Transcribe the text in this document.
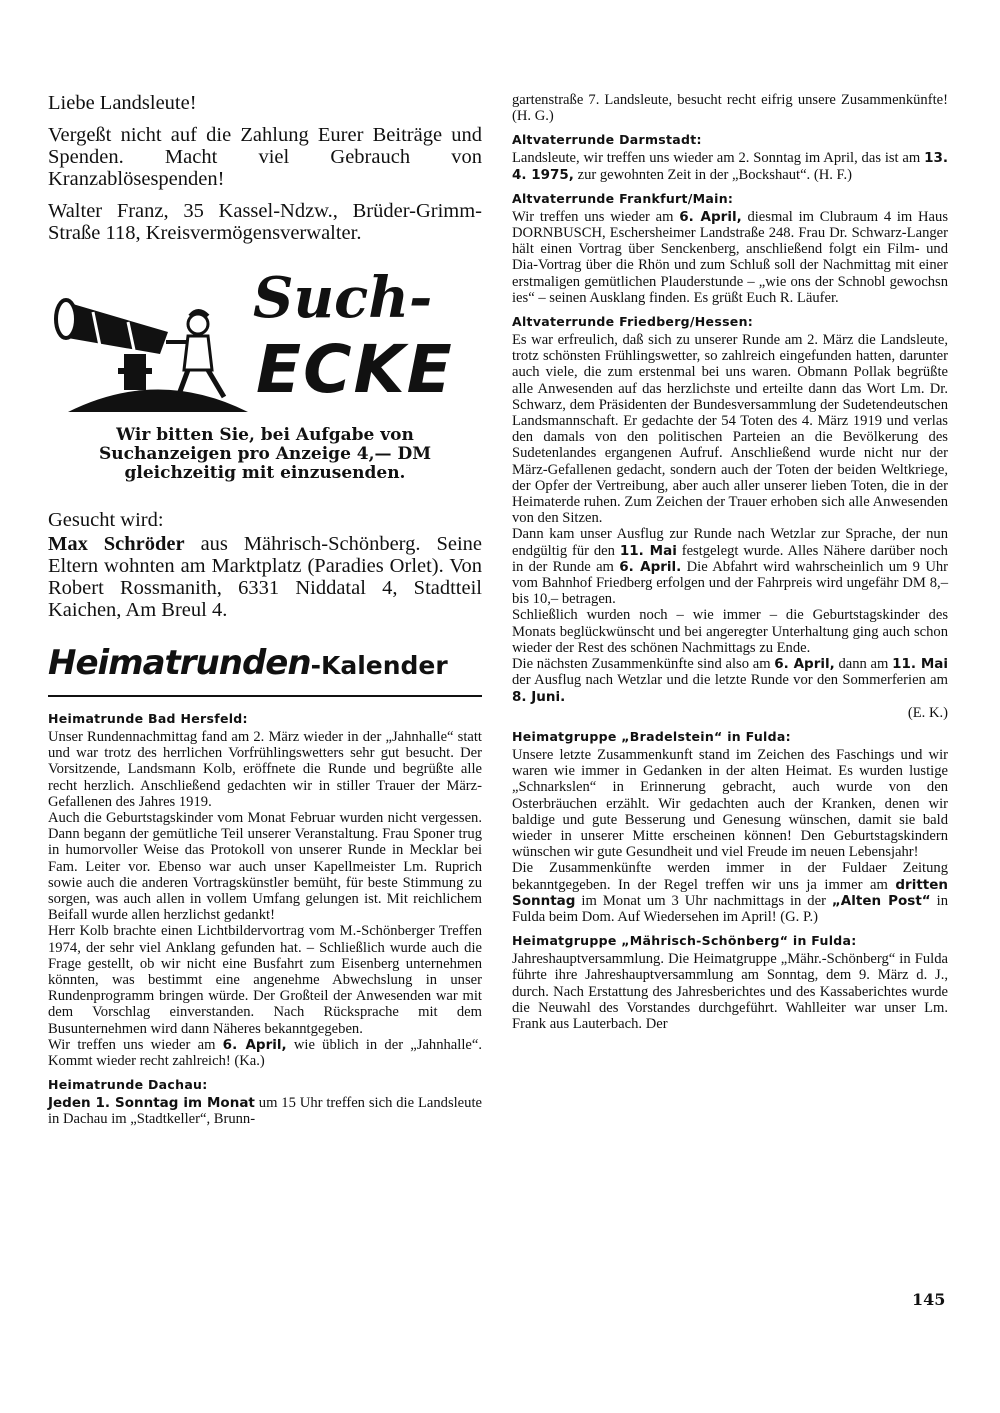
Liebe Landsleute!

Vergeßt nicht auf die Zahlung Eurer Beiträge und Spenden. Macht viel Gebrauch von Kranzablösespenden!

Walter Franz, 35 Kassel-Ndzw., Brüder-Grimm-Straße 118, Kreisvermögensverwalter.

Such-
ECKE

Wir bitten Sie, bei Aufgabe von Suchanzeigen pro Anzeige 4,— DM gleichzeitig mit einzusenden.

Gesucht wird:

Max Schröder aus Mährisch-Schönberg. Seine Eltern wohnten am Marktplatz (Paradies Orlet). Von Robert Rossmanith, 6331 Niddatal 4, Stadtteil Kaichen, Am Breul 4.

Heimatrunden-Kalender

Heimatrunde Bad Hersfeld:

Unser Rundennachmittag fand am 2. März wieder in der „Jahnhalle“ statt und war trotz des herrlichen Vorfrühlingswetters sehr gut besucht. Der Vorsitzende, Landsmann Kolb, eröffnete die Runde und begrüßte alle recht herzlich. Anschließend gedachten wir in stiller Trauer der März-Gefallenen des Jahres 1919.

Auch die Geburtstagskinder vom Monat Februar wurden nicht vergessen. Dann begann der gemütliche Teil unserer Veranstaltung. Frau Sponer trug in humorvoller Weise das Protokoll von unserer Runde in Mecklar bei Fam. Leiter vor. Ebenso war auch unser Kapellmeister Lm. Ruprich sowie auch die anderen Vortragskünstler bemüht, für beste Stimmung zu sorgen, was auch allen in vollem Umfang gelungen ist. Mit reichlichem Beifall wurde allen herzlichst gedankt!

Herr Kolb brachte einen Lichtbildervortrag vom M.-Schönberger Treffen 1974, der sehr viel Anklang gefunden hat. – Schließlich wurde auch die Frage gestellt, ob wir nicht eine Busfahrt zum Eisenberg unternehmen könnten, was bestimmt eine angenehme Abwechslung in unser Rundenprogramm bringen würde. Der Großteil der Anwesenden war mit dem Vorschlag einverstanden. Nach Rücksprache mit dem Busunternehmen wird dann Näheres bekanntgegeben.

Wir treffen uns wieder am 6. April, wie üblich in der „Jahnhalle“. Kommt wieder recht zahlreich! (Ka.)

Heimatrunde Dachau:

Jeden 1. Sonntag im Monat um 15 Uhr treffen sich die Landsleute in Dachau im „Stadtkeller“, Brunn-

gartenstraße 7. Landsleute, besucht recht eifrig unsere Zusammenkünfte! (H. G.)

Altvaterrunde Darmstadt:

Landsleute, wir treffen uns wieder am 2. Sonntag im April, das ist am 13. 4. 1975, zur gewohnten Zeit in der „Bockshaut“. (H. F.)

Altvaterrunde Frankfurt/Main:

Wir treffen uns wieder am 6. April, diesmal im Clubraum 4 im Haus DORNBUSCH, Eschersheimer Landstraße 248. Frau Dr. Schwarz-Langer hält einen Vortrag über Senckenberg, anschließend folgt ein Film- und Dia-Vortrag über die Rhön und zum Schluß soll der Nachmittag mit einer erstmaligen gemütlichen Plauderstunde – „wie ons der Schnobl gewochsn ies“ – seinen Ausklang finden. Es grüßt Euch R. Läufer.

Altvaterrunde Friedberg/Hessen:

Es war erfreulich, daß sich zu unserer Runde am 2. März die Landsleute, trotz schönsten Frühlingswetter, so zahlreich eingefunden hatten, darunter auch viele, die zum erstenmal bei uns waren. Obmann Pollak begrüßte alle Anwesenden auf das herzlichste und erteilte dann das Wort Lm. Dr. Schwarz, dem Präsidenten der Bundesversammlung der Sudetendeutschen Landsmannschaft. Er gedachte der 54 Toten des 4. März 1919 und verlas den damals von den politischen Parteien an die Bevölkerung des Sudetenlandes ergangenen Aufruf. Anschließend wurde nicht nur der März-Gefallenen gedacht, sondern auch der Toten der beiden Weltkriege, der Opfer der Vertreibung, aber auch aller unserer lieben Toten, die in der Heimaterde ruhen. Zum Zeichen der Trauer erhoben sich alle Anwesenden von den Sitzen.

Dann kam unser Ausflug zur Runde nach Wetzlar zur Sprache, der nun endgültig für den 11. Mai festgelegt wurde. Alles Nähere darüber noch in der Runde am 6. April. Die Abfahrt wird wahrscheinlich um 9 Uhr vom Bahnhof Friedberg erfolgen und der Fahrpreis wird ungefähr DM 8,– bis 10,– betragen.

Schließlich wurden noch – wie immer – die Geburtstagskinder des Monats beglückwünscht und bei angeregter Unterhaltung ging auch schon wieder der Rest des schönen Nachmittags zu Ende.

Die nächsten Zusammenkünfte sind also am 6. April, dann am 11. Mai der Ausflug nach Wetzlar und die letzte Runde vor den Sommerferien am 8. Juni.

(E. K.)

Heimatgruppe „Bradelstein“ in Fulda:

Unsere letzte Zusammenkunft stand im Zeichen des Faschings und wir waren wie immer in Gedanken in der alten Heimat. Es wurden lustige „Schnarkslen“ in Erinnerung gebracht, auch wurde von den Osterbräuchen erzählt. Wir gedachten auch der Kranken, denen wir baldige und gute Besserung und Genesung wünschen, damit sie bald wieder in unserer Mitte erscheinen können! Den Geburtstagskindern wünschen wir gute Gesundheit und viel Freude im neuen Lebensjahr!

Die Zusammenkünfte werden immer in der Fuldaer Zeitung bekanntgegeben. In der Regel treffen wir uns ja immer am dritten Sonntag im Monat um 3 Uhr nachmittags in der „Alten Post“ in Fulda beim Dom. Auf Wiedersehen im April! (G. P.)

Heimatgruppe „Mährisch-Schönberg“ in Fulda:

Jahreshauptversammlung. Die Heimatgruppe „Mähr.-Schönberg“ in Fulda führte ihre Jahreshauptversammlung am Sonntag, dem 9. März d. J., durch. Nach Erstattung des Jahresberichtes und des Kassaberichtes wurde die Neuwahl des Vorstandes durchgeführt. Wahlleiter war unser Lm. Frank aus Lauterbach. Der

145
